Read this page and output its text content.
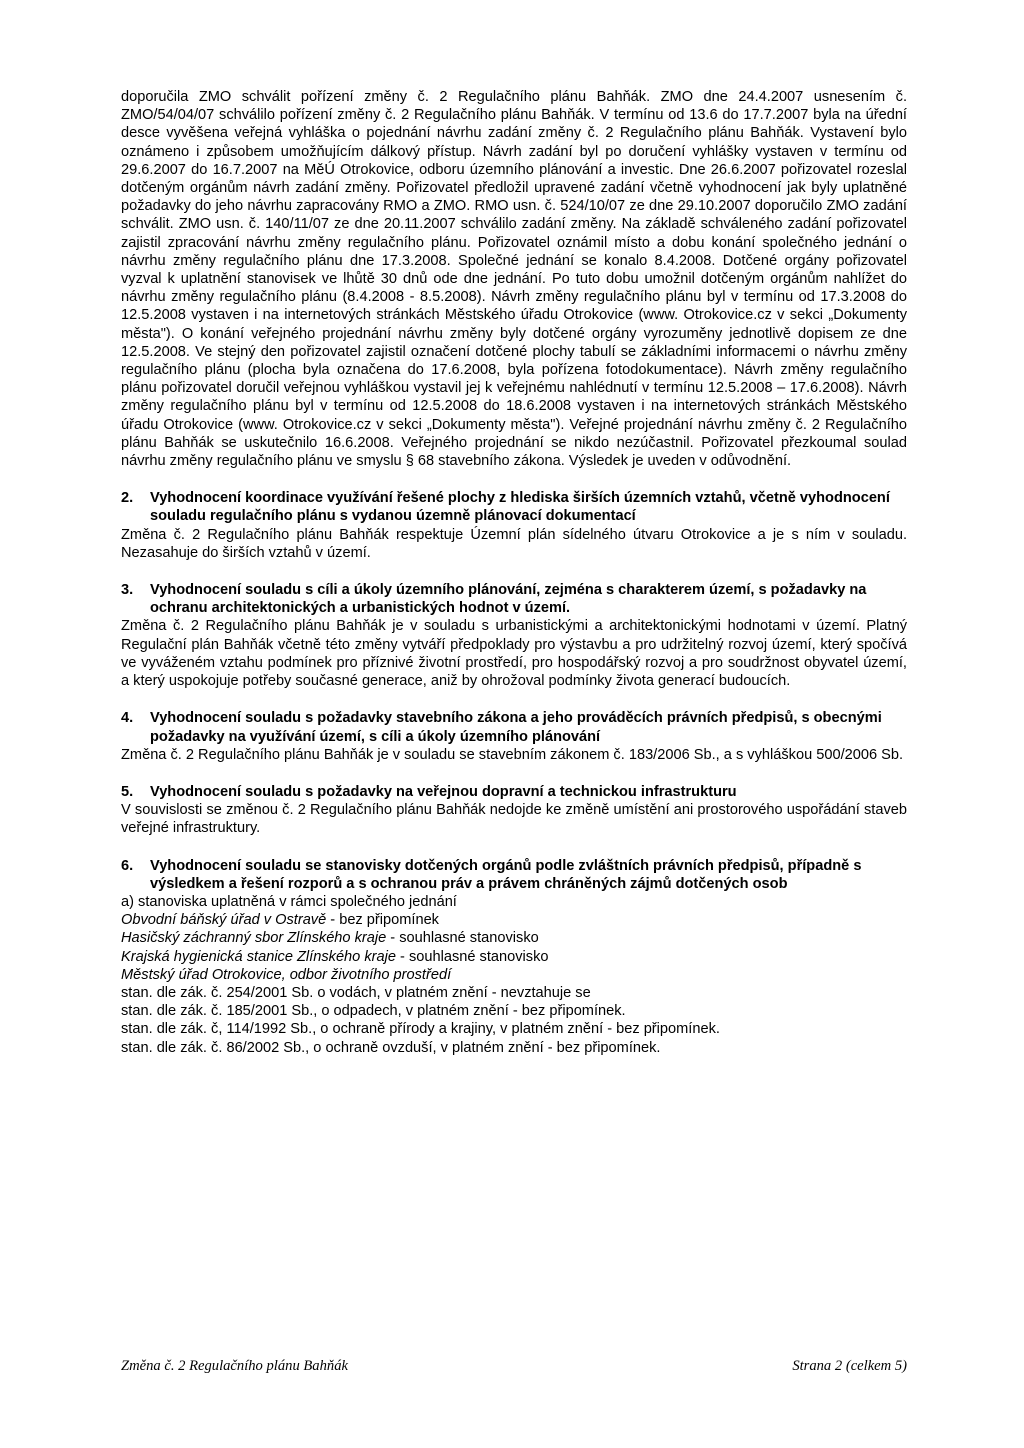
doporučila ZMO schválit pořízení změny č. 2 Regulačního plánu Bahňák. ZMO dne 24.4.2007 usnesením č. ZMO/54/04/07 schválilo pořízení změny č. 2 Regulačního plánu Bahňák. V termínu od 13.6 do 17.7.2007 byla na úřední desce vyvěšena veřejná vyhláška o pojednání návrhu zadání změny č. 2 Regulačního plánu Bahňák. Vystavení bylo oznámeno i způsobem umožňujícím dálkový přístup. Návrh zadání byl po doručení vyhlášky vystaven v termínu od 29.6.2007 do 16.7.2007 na MěÚ Otrokovice, odboru územního plánování a investic. Dne 26.6.2007 pořizovatel rozeslal dotčeným orgánům návrh zadání změny. Pořizovatel předložil upravené zadání včetně vyhodnocení jak byly uplatněné požadavky do jeho návrhu zapracovány RMO a ZMO. RMO usn. č. 524/10/07 ze dne 29.10.2007 doporučilo ZMO zadání schválit. ZMO usn. č. 140/11/07 ze dne 20.11.2007 schválilo zadání změny. Na základě schváleného zadání pořizovatel zajistil zpracování návrhu změny regulačního plánu. Pořizovatel oznámil místo a dobu konání společného jednání o návrhu změny regulačního plánu dne 17.3.2008. Společné jednání se konalo 8.4.2008. Dotčené orgány pořizovatel vyzval k uplatnění stanovisek ve lhůtě 30 dnů ode dne jednání. Po tuto dobu umožnil dotčeným orgánům nahlížet do návrhu změny regulačního plánu (8.4.2008 - 8.5.2008). Návrh změny regulačního plánu byl v termínu od 17.3.2008 do 12.5.2008 vystaven i na internetových stránkách Městského úřadu Otrokovice (www. Otrokovice.cz v sekci „Dokumenty města"). O konání veřejného projednání návrhu změny byly dotčené orgány vyrozuměny jednotlivě dopisem ze dne 12.5.2008. Ve stejný den pořizovatel zajistil označení dotčené plochy tabulí se základními informacemi o návrhu změny regulačního plánu (plocha byla označena do 17.6.2008, byla pořízena fotodokumentace). Návrh změny regulačního plánu pořizovatel doručil veřejnou vyhláškou vystavil jej k veřejnému nahlédnutí v termínu 12.5.2008 – 17.6.2008). Návrh změny regulačního plánu byl v termínu od 12.5.2008 do 18.6.2008 vystaven i na internetových stránkách Městského úřadu Otrokovice (www. Otrokovice.cz v sekci „Dokumenty města"). Veřejné projednání návrhu změny č. 2 Regulačního plánu Bahňák se uskutečnilo 16.6.2008. Veřejného projednání se nikdo nezúčastnil. Pořizovatel přezkoumal soulad návrhu změny regulačního plánu ve smyslu § 68 stavebního zákona. Výsledek je uveden v odůvodnění.

2. Vyhodnocení koordinace využívání řešené plochy z hlediska širších územních vztahů, včetně vyhodnocení souladu regulačního plánu s vydanou územně plánovací dokumentací

Změna č. 2 Regulačního plánu Bahňák respektuje Územní plán sídelného útvaru Otrokovice a je s ním v souladu. Nezasahuje do širších vztahů v území.

3. Vyhodnocení souladu s cíli a úkoly územního plánování, zejména s charakterem území, s požadavky na ochranu architektonických a urbanistických hodnot v území.

Změna č. 2 Regulačního plánu Bahňák je v souladu s urbanistickými a architektonickými hodnotami v území. Platný Regulační plán Bahňák včetně této změny vytváří předpoklady pro výstavbu a pro udržitelný rozvoj území, který spočívá ve vyváženém vztahu podmínek pro příznivé životní prostředí, pro hospodářský rozvoj a pro soudržnost obyvatel území, a který uspokojuje potřeby současné generace, aniž by ohrožoval podmínky života generací budoucích.

4. Vyhodnocení souladu s požadavky stavebního zákona a jeho prováděcích právních předpisů, s obecnými požadavky na využívání území, s cíli a úkoly územního plánování

Změna č. 2 Regulačního plánu Bahňák je v souladu se stavebním zákonem č. 183/2006 Sb., a s vyhláškou 500/2006 Sb.

5. Vyhodnocení souladu s požadavky na veřejnou dopravní a technickou infrastrukturu

V souvislosti se změnou č. 2 Regulačního plánu Bahňák nedojde ke změně umístění ani prostorového uspořádání staveb veřejné infrastruktury.

6. Vyhodnocení souladu se stanovisky dotčených orgánů podle zvláštních právních předpisů, případně s výsledkem a řešení rozporů a s ochranou práv a právem chráněných zájmů dotčených osob

a) stanoviska uplatněná v rámci společného jednání

Obvodní báňský úřad v Ostravě - bez připomínek

Hasičský záchranný sbor Zlínského kraje - souhlasné stanovisko

Krajská hygienická stanice Zlínského kraje - souhlasné stanovisko

Městský úřad Otrokovice, odbor životního prostředí

stan. dle zák. č. 254/2001 Sb. o vodách, v platném znění - nevztahuje se

stan. dle zák. č. 185/2001 Sb., o odpadech, v platném znění - bez připomínek.

stan. dle zák. č, 114/1992 Sb., o ochraně přírody a krajiny, v platném znění - bez připomínek.

stan. dle zák. č. 86/2002 Sb., o ochraně ovzduší, v platném znění - bez připomínek.

Změna č. 2 Regulačního plánu Bahňák	Strana 2 (celkem 5)
